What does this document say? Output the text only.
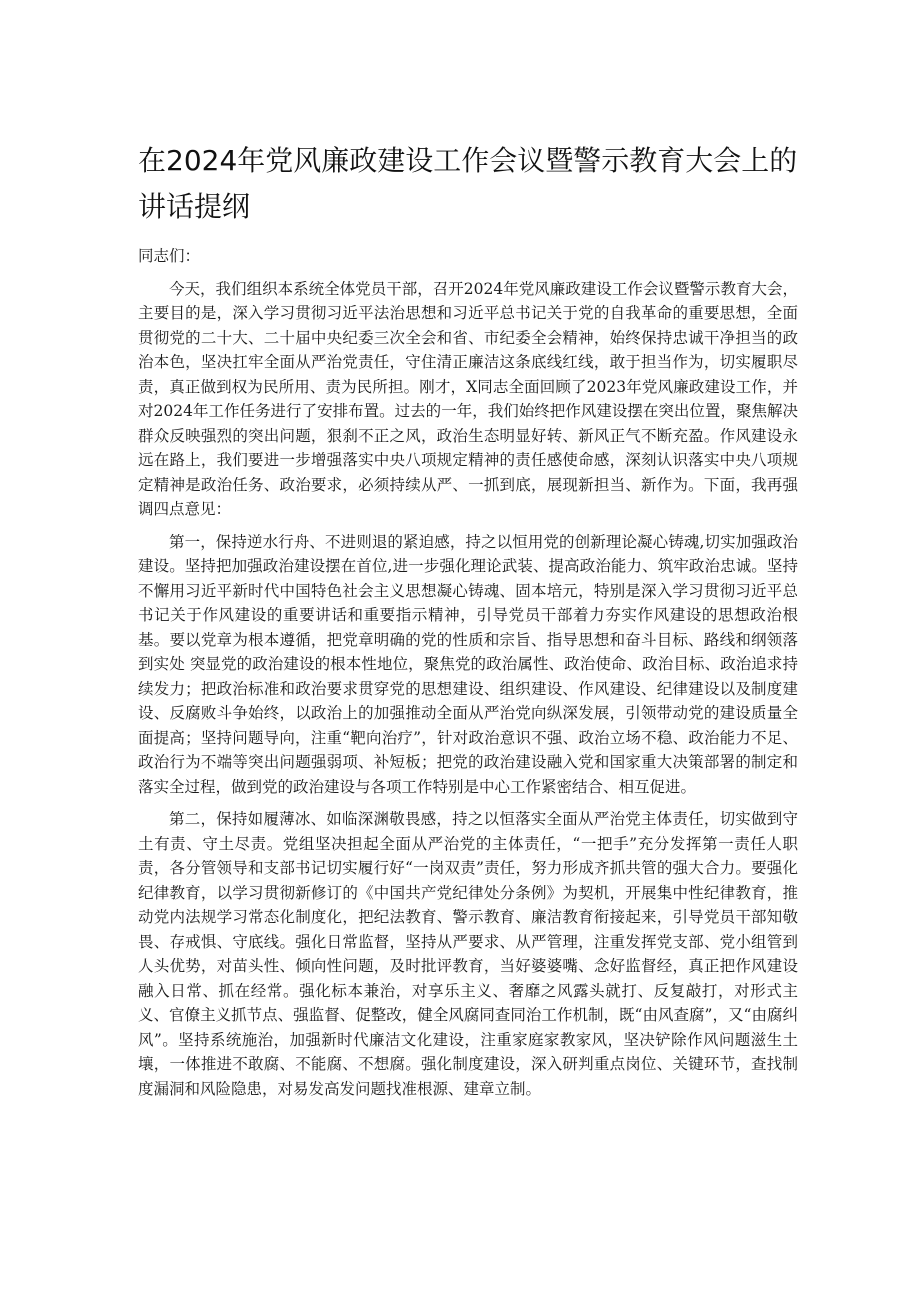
在2024年党风廉政建设工作会议暨警示教育大会上的讲话提纲

同志们：

今天，我们组织本系统全体党员干部，召开2024年党风廉政建设工作会议暨警示教育大会，主要目的是，深入学习贯彻习近平法治思想和习近平总书记关于党的自我革命的重要思想，全面贯彻党的二十大、二十届中央纪委三次全会和省、市纪委全会精神，始终保持忠诚干净担当的政治本色，坚决扛牢全面从严治党责任，守住清正廉洁这条底线红线，敢于担当作为，切实履职尽责，真正做到权为民所用、责为民所担。刚才，X同志全面回顾了2023年党风廉政建设工作，并对2024年工作任务进行了安排布置。过去的一年，我们始终把作风建设摆在突出位置，聚焦解决群众反映强烈的突出问题，狠刹不正之风，政治生态明显好转、新风正气不断充盈。作风建设永远在路上，我们要进一步增强落实中央八项规定精神的责任感使命感，深刻认识落实中央八项规定精神是政治任务、政治要求，必须持续从严、一抓到底，展现新担当、新作为。下面，我再强调四点意见：

第一，保持逆水行舟、不进则退的紧迫感，持之以恒用党的创新理论凝心铸魂,切实加强政治建设。坚持把加强政治建设摆在首位,进一步强化理论武装、提高政治能力、筑牢政治忠诚。坚持不懈用习近平新时代中国特色社会主义思想凝心铸魂、固本培元，特别是深入学习贯彻习近平总书记关于作风建设的重要讲话和重要指示精神，引导党员干部着力夯实作风建设的思想政治根基。要以党章为根本遵循，把党章明确的党的性质和宗旨、指导思想和奋斗目标、路线和纲领落到实处 突显党的政治建设的根本性地位，聚焦党的政治属性、政治使命、政治目标、政治追求持续发力；把政治标准和政治要求贯穿党的思想建设、组织建设、作风建设、纪律建设以及制度建设、反腐败斗争始终，以政治上的加强推动全面从严治党向纵深发展，引领带动党的建设质量全面提高；坚持问题导向，注重“靶向治疗”，针对政治意识不强、政治立场不稳、政治能力不足、政治行为不端等突出问题强弱项、补短板；把党的政治建设融入党和国家重大决策部署的制定和落实全过程，做到党的政治建设与各项工作特别是中心工作紧密结合、相互促进。

第二，保持如履薄冰、如临深渊敬畏感，持之以恒落实全面从严治党主体责任，切实做到守土有责、守土尽责。党组坚决担起全面从严治党的主体责任，“一把手”充分发挥第一责任人职责，各分管领导和支部书记切实履行好“一岗双责”责任，努力形成齐抓共管的强大合力。要强化纪律教育，以学习贯彻新修订的《中国共产党纪律处分条例》为契机，开展集中性纪律教育，推动党内法规学习常态化制度化，把纪法教育、警示教育、廉洁教育衔接起来，引导党员干部知敬畏、存戒惧、守底线。强化日常监督，坚持从严要求、从严管理，注重发挥党支部、党小组管到人头优势，对苗头性、倾向性问题，及时批评教育，当好婆婆嘴、念好监督经，真正把作风建设融入日常、抓在经常。强化标本兼治，对享乐主义、奢靡之风露头就打、反复敲打，对形式主义、官僚主义抓节点、强监督、促整改，健全风腐同查同治工作机制，既“由风查腐”，又“由腐纠风”。坚持系统施治，加强新时代廉洁文化建设，注重家庭家教家风，坚决铲除作风问题滋生土壤，一体推进不敢腐、不能腐、不想腐。强化制度建设，深入研判重点岗位、关键环节，查找制度漏洞和风险隐患，对易发高发问题找准根源、建章立制。
